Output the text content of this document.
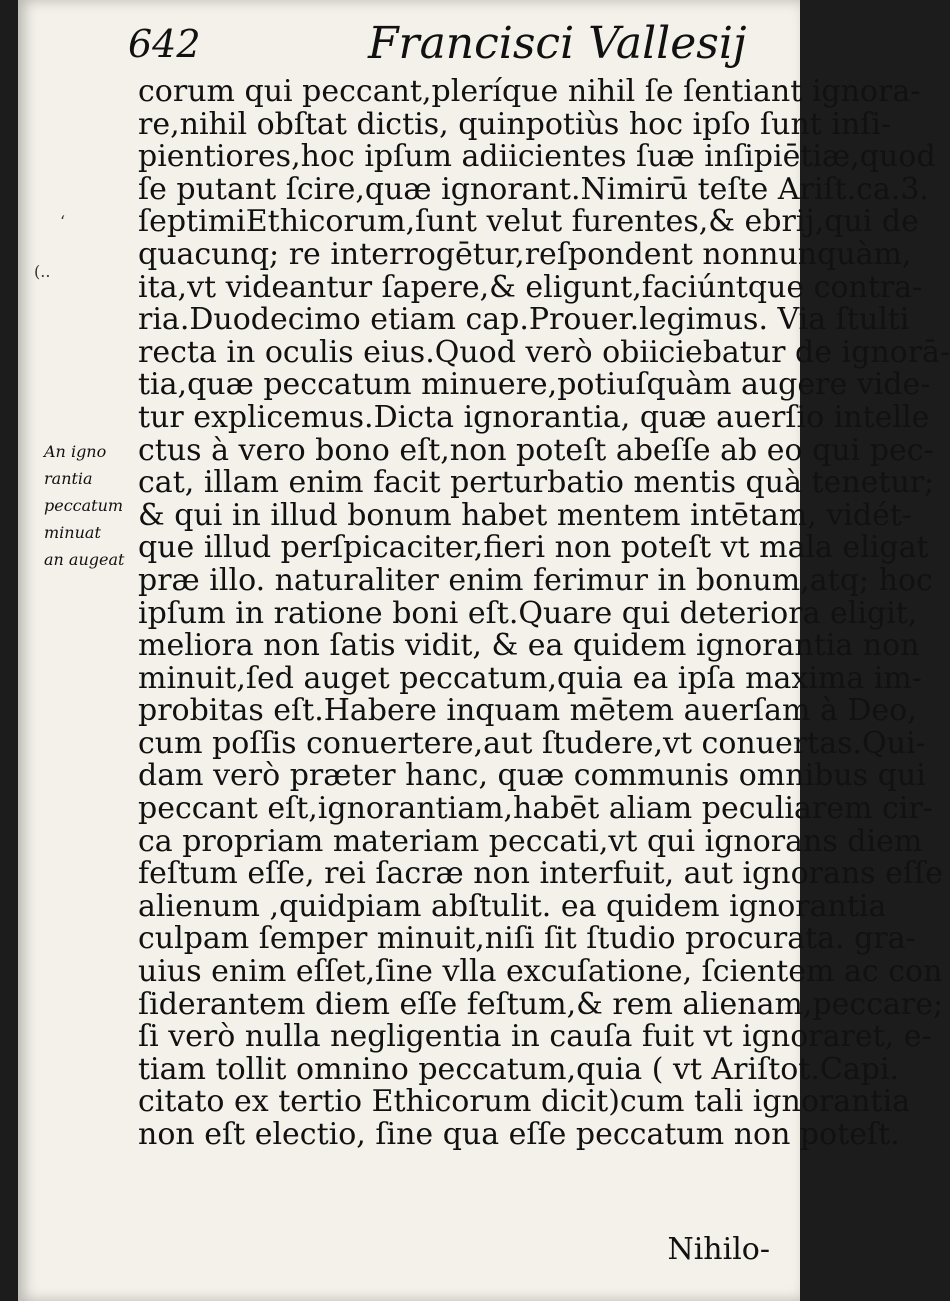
642	Francisci Vallesij
(..
ʻ
An igno
rantia
peccatum
minuat
an augeat
corum qui peccant,pleríque nihil ſe ſentiant ignora-
re,nihil obſtat dictis, quinpotiùs hoc ipſo ſunt inſi-
pientiores,hoc ipſum adiicientes ſuæ inſipiētiæ,quod
ſe putant ſcire,quæ ignorant.Nimirū teſte Ariſt.ca.3.
ſeptimiEthicorum,ſunt velut furentes,& ebrij,qui de
quacunq; re interrogētur,reſpondent nonnunquàm,
ita,vt videantur ſapere,& eligunt,faciúntque contra-
ria.Duodecimo etiam cap.Prouer.legimus. Via ſtulti
recta in oculis eius.Quod verò obiiciebatur de ignorā-
tia,quæ peccatum minuere,potiuſquàm augere vide-
tur explicemus.Dicta ignorantia, quæ auerſio intelle
ctus à vero bono eſt,non poteſt abeſſe ab eo qui pec-
cat, illam enim facit perturbatio mentis quà tenetur;
& qui in illud bonum habet mentem intētam, vidét-
que illud perſpicaciter,fieri non poteſt vt mala eligat
præ illo. naturaliter enim ferimur in bonum,atq; hoc
ipſum in ratione boni eſt.Quare qui deteriora eligit,
meliora non ſatis vidit, & ea quidem ignorantia non
minuit,ſed auget peccatum,quia ea ipſa maxima im-
probitas eſt.Habere inquam mētem auerſam à Deo,
cum poſſis conuertere,aut ſtudere,vt conuertas.Qui-
dam verò præter hanc, quæ communis omnibus qui
peccant eſt,ignorantiam,habēt aliam peculiarem cir-
ca propriam materiam peccati,vt qui ignorans diem
feſtum eſſe, rei ſacræ non interfuit, aut ignorans eſſe
alienum ,quidpiam abſtulit. ea quidem ignorantia
culpam ſemper minuit,niſi ſit ſtudio procurata. gra-
uius enim eſſet,ſine vlla excuſatione, ſcientem ac con
ſiderantem diem eſſe feſtum,& rem alienam,peccare;
ſi verò nulla negligentia in cauſa fuit vt ignoraret, e-
tiam tollit omnino peccatum,quia ( vt Ariſtot.Capi.
citato ex tertio Ethicorum dicit)cum tali ignorantia
non eſt electio, ſine qua eſſe peccatum non poteſt.
Nihilo-
